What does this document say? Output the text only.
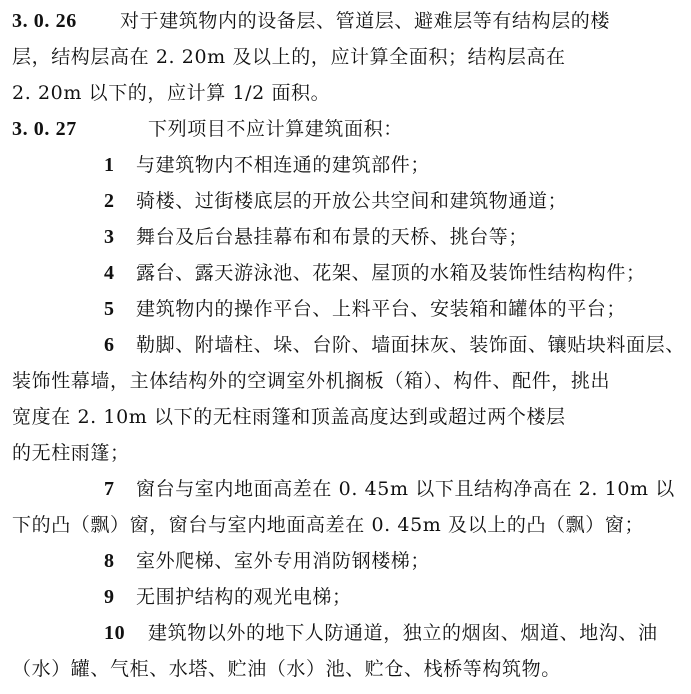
3. 0. 26 对于建筑物内的设备层、管道层、避难层等有结构层的楼
层，结构层高在 2. 20m 及以上的，应计算全面积；结构层高在
2. 20m 以下的，应计算 1/2 面积。
3. 0. 27	下列项目不应计算建筑面积：
1 与建筑物内不相连通的建筑部件；
2 骑楼、过街楼底层的开放公共空间和建筑物通道；
3 舞台及后台悬挂幕布和布景的天桥、挑台等；
4 露台、露天游泳池、花架、屋顶的水箱及装饰性结构构件；
5 建筑物内的操作平台、上料平台、安装箱和罐体的平台；
6 勒脚、附墙柱、垛、台阶、墙面抹灰、装饰面、镶贴块料面层、
装饰性幕墙，主体结构外的空调室外机搁板（箱）、构件、配件，挑出
宽度在 2. 10m 以下的无柱雨篷和顶盖高度达到或超过两个楼层
的无柱雨篷；
7 窗台与室内地面高差在 0. 45m 以下且结构净高在 2. 10m 以
下的凸（飘）窗，窗台与室内地面高差在 0. 45m 及以上的凸（飘）窗；
8 室外爬梯、室外专用消防钢楼梯；
9 无围护结构的观光电梯；
10 建筑物以外的地下人防通道，独立的烟囱、烟道、地沟、油
（水）罐、气柜、水塔、贮油（水）池、贮仓、栈桥等构筑物。
